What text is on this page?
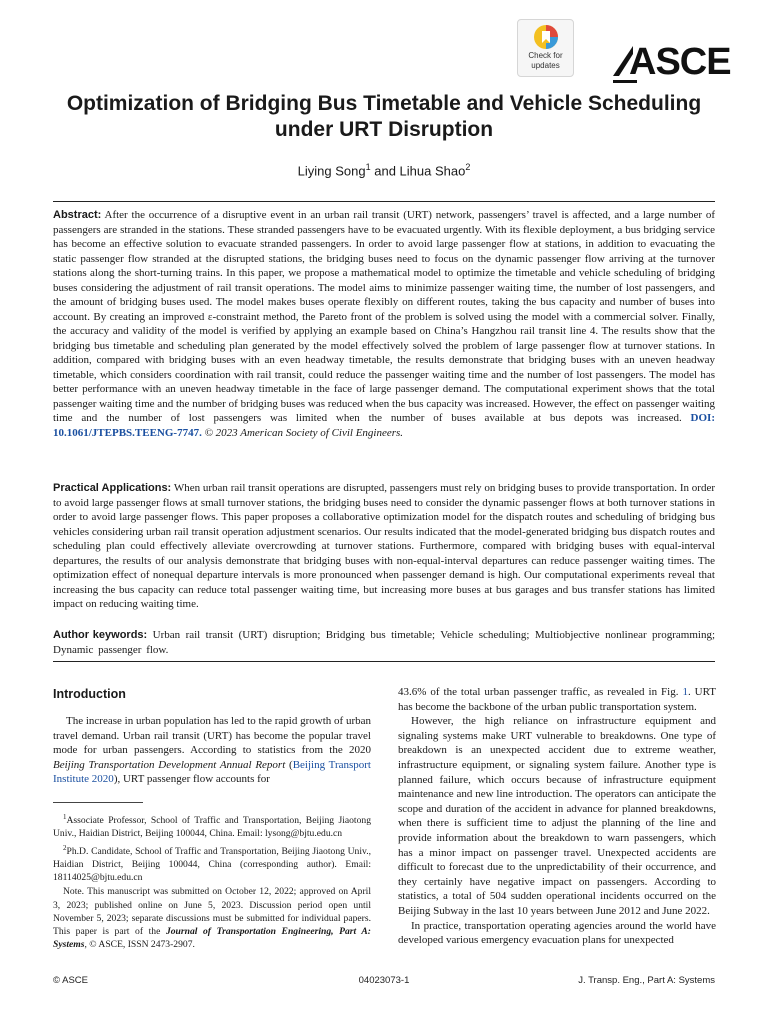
Check for
updates	ASCE
Optimization of Bridging Bus Timetable and Vehicle Scheduling under URT Disruption
Liying Song$^1$ and Lihua Shao$^2$

Abstract: After the occurrence of a disruptive event in an urban rail transit (URT) network, passengers’ travel is affected, and a large number of passengers are stranded in the stations. These stranded passengers have to be evacuated urgently. With its flexible deployment, a bus bridging service has become an effective solution to evacuate stranded passengers. In order to avoid large passenger flow at stations, in addition to evacuating the static passenger flow stranded at the disrupted stations, the bridging buses need to focus on the dynamic passenger flow arriving at the turnover stations along the short-turning trains. In this paper, we propose a mathematical model to optimize the timetable and vehicle scheduling of bridging buses considering the adjustment of rail transit operations. The model aims to minimize passenger waiting time, the number of lost passengers, and the amount of bridging buses used. The model makes buses operate flexibly on different routes, taking the bus capacity and number of buses into account. By creating an improved ε-constraint method, the Pareto front of the problem is solved using the model with a commercial solver. Finally, the accuracy and validity of the model is verified by applying an example based on China’s Hangzhou rail transit line 4. The results show that the bridging bus timetable and scheduling plan generated by the model effectively solved the problem of large passenger flow at turnover stations. In addition, compared with bridging buses with an even headway timetable, the results demonstrate that bridging buses with an uneven headway timetable, which considers coordination with rail transit, could reduce the passenger waiting time and the number of lost passengers. The model has better performance with an uneven headway timetable in the face of large passenger demand. The computational experiment shows that the total passenger waiting time and the number of bridging buses was reduced when the bus capacity was increased. However, the effect on passenger waiting time and the number of lost passengers was limited when the number of buses available at bus depots was increased. DOI: 10.1061/JTEPBS.TEENG-7747. © 2023 American Society of Civil Engineers.

Practical Applications: When urban rail transit operations are disrupted, passengers must rely on bridging buses to provide transportation. In order to avoid large passenger flows at small turnover stations, the bridging buses need to consider the dynamic passenger flows at both turnover stations in order to avoid large passenger flows. This paper proposes a collaborative optimization model for the dispatch routes and scheduling of bridging bus vehicles considering urban rail transit operation adjustment scenarios. Our results indicated that the model-generated bridging bus dispatch routes and scheduling plan could effectively alleviate overcrowding at turnover stations. Furthermore, compared with bridging buses with equal-interval departures, the results of our analysis demonstrate that bridging buses with non-equal-interval departures can reduce passenger waiting times. The optimization effect of nonequal departure intervals is more pronounced when passenger demand is high. Our computational experiments reveal that increasing the bus capacity can reduce total passenger waiting time, but increasing more buses at bus garages and bus transfer stations has limited impact on reducing waiting time.

Author keywords: Urban rail transit (URT) disruption; Bridging bus timetable; Vehicle scheduling; Multiobjective nonlinear programming; Dynamic passenger flow.

Introduction

The increase in urban population has led to the rapid growth of urban travel demand. Urban rail transit (URT) has become the popular travel mode for urban passengers. According to statistics from the 2020 Beijing Transportation Development Annual Report (Beijing Transport Institute 2020), URT passenger flow accounts for

$^1$Associate Professor, School of Traffic and Transportation, Beijing Jiaotong Univ., Haidian District, Beijing 100044, China. Email: lysong@bjtu.edu.cn

$^2$Ph.D. Candidate, School of Traffic and Transportation, Beijing Jiaotong Univ., Haidian District, Beijing 100044, China (corresponding author). Email: 18114025@bjtu.edu.cn

Note. This manuscript was submitted on October 12, 2022; approved on April 3, 2023; published online on June 5, 2023. Discussion period open until November 5, 2023; separate discussions must be submitted for individual papers. This paper is part of the Journal of Transportation Engineering, Part A: Systems, © ASCE, ISSN 2473-2907.

43.6% of the total urban passenger traffic, as revealed in Fig. 1. URT has become the backbone of the urban public transportation system.

However, the high reliance on infrastructure equipment and signaling systems make URT vulnerable to breakdowns. One type of breakdown is an unexpected accident due to extreme weather, infrastructure equipment, or signaling system failure. Another type is planned failure, which occurs because of infrastructure equipment maintenance and new line introduction. The operators can anticipate the scope and duration of the accident in advance for planned breakdowns, when there is sufficient time to adjust the planning of the line and provide information about the breakdown to warn passengers, which has a minor impact on passenger travel. Unexpected accidents are difficult to forecast due to the unpredictability of their occurrence, and they certainly have negative impact on passengers. According to statistics, a total of 504 sudden operational incidents occurred on the Beijing Subway in the last 10 years between June 2012 and June 2022.

In practice, transportation operating agencies around the world have developed various emergency evacuation plans for unexpected

© ASCE	04023073-1	J. Transp. Eng., Part A: Systems
